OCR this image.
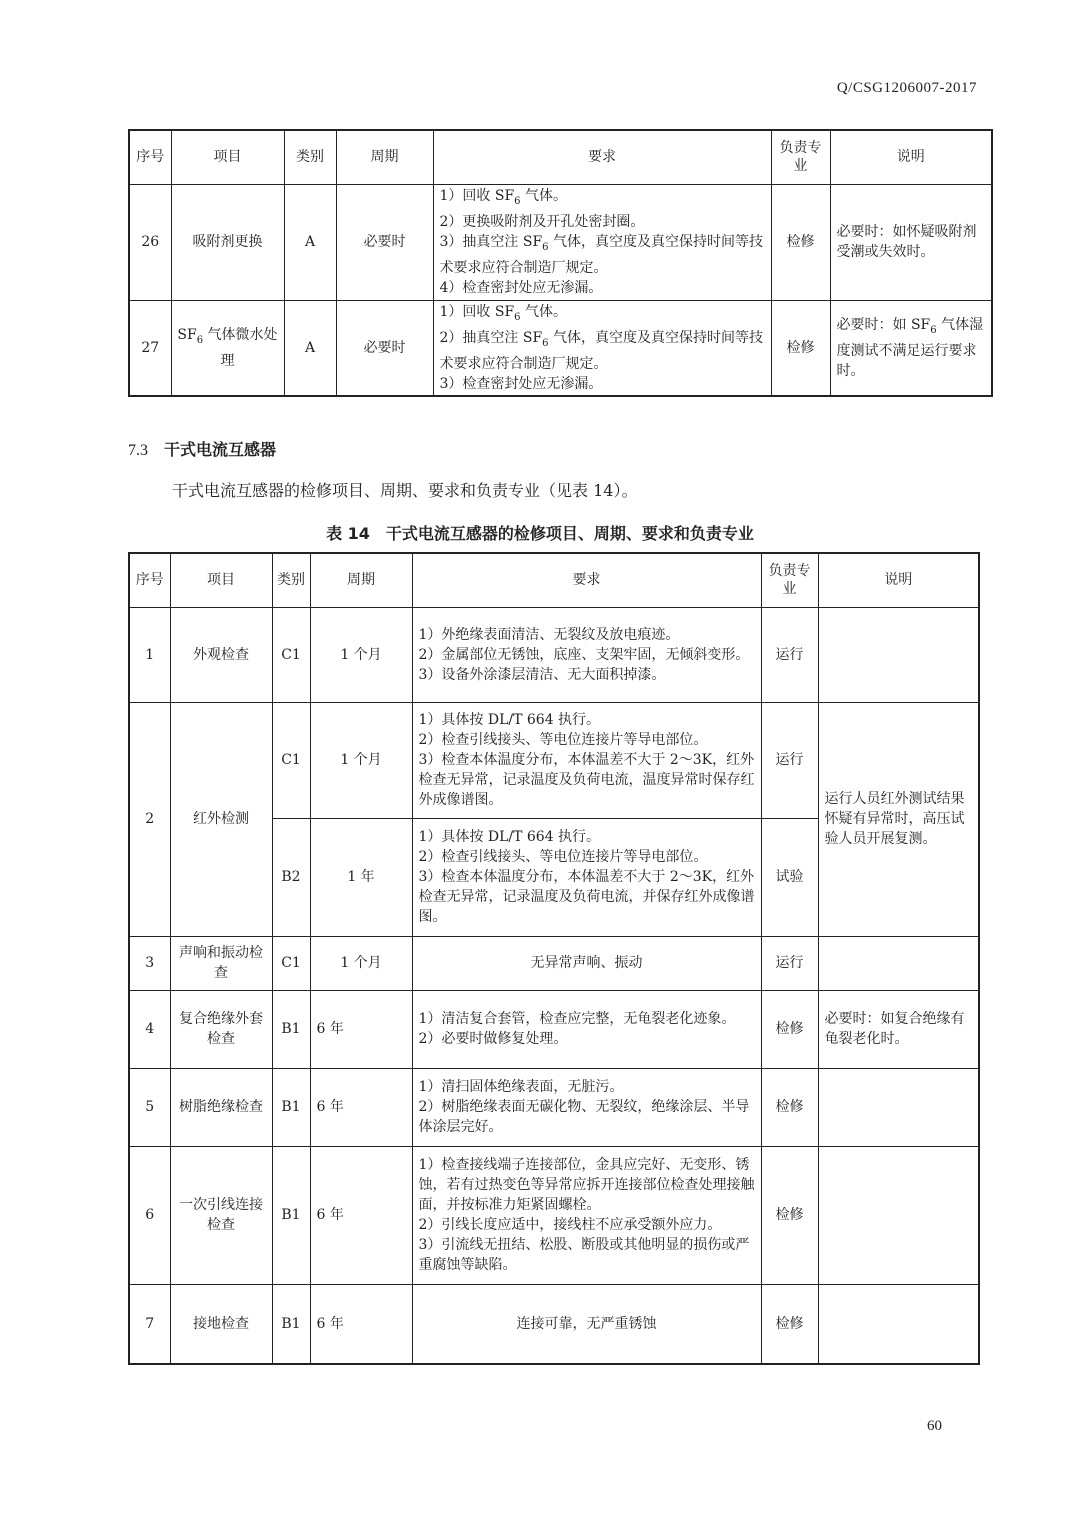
Q/CSG1206007-2017
序号	项目	类别	周期	要求	负责专业	说明
26	吸附剂更换	A	必要时	1）回收 $SF_6$ 气体。
2）更换吸附剂及开孔处密封圈。
3）抽真空注 $SF_6$ 气体，真空度及真空保持时间等技术要求应符合制造厂规定。
4）检查密封处应无渗漏。	检修	必要时：如怀疑吸附剂受潮或失效时。
27	$SF_6$ 气体微水处理	A	必要时	1）回收 $SF_6$ 气体。
2）抽真空注 $SF_6$ 气体，真空度及真空保持时间等技术要求应符合制造厂规定。
3）检查密封处应无渗漏。	检修	必要时：如 $SF_6$ 气体湿度测试不满足运行要求时。
7.3 干式电流互感器
干式电流互感器的检修项目、周期、要求和负责专业（见表 14）。
表 14　干式电流互感器的检修项目、周期、要求和负责专业
序号	项目	类别	周期	要求	负责专业	说明
1	外观检查	C1	1 个月	1）外绝缘表面清洁、无裂纹及放电痕迹。
2）金属部位无锈蚀，底座、支架牢固，无倾斜变形。
3）设备外涂漆层清洁、无大面积掉漆。	运行	
2	红外检测	C1	1 个月	1）具体按 DL/T 664 执行。
2）检查引线接头、等电位连接片等导电部位。
3）检查本体温度分布，本体温差不大于 2～3K，红外检查无异常，记录温度及负荷电流，温度异常时保存红外成像谱图。	运行	运行人员红外测试结果怀疑有异常时，高压试验人员开展复测。
		B2	1 年	1）具体按 DL/T 664 执行。
2）检查引线接头、等电位连接片等导电部位。
3）检查本体温度分布，本体温差不大于 2～3K，红外检查无异常，记录温度及负荷电流，并保存红外成像谱图。	试验	
3	声响和振动检查	C1	1 个月	无异常声响、振动	运行	
4	复合绝缘外套检查	B1	6 年	1）清洁复合套管，检查应完整，无龟裂老化迹象。
2）必要时做修复处理。	检修	必要时：如复合绝缘有龟裂老化时。
5	树脂绝缘检查	B1	6 年	1）清扫固体绝缘表面，无脏污。
2）树脂绝缘表面无碳化物、无裂纹，绝缘涂层、半导体涂层完好。	检修	
6	一次引线连接检查	B1	6 年	1）检查接线端子连接部位，金具应完好、无变形、锈蚀，若有过热变色等异常应拆开连接部位检查处理接触面，并按标准力矩紧固螺栓。
2）引线长度应适中，接线柱不应承受额外应力。
3）引流线无扭结、松股、断股或其他明显的损伤或严重腐蚀等缺陷。	检修	
7	接地检查	B1	6 年	连接可靠，无严重锈蚀	检修	
60
